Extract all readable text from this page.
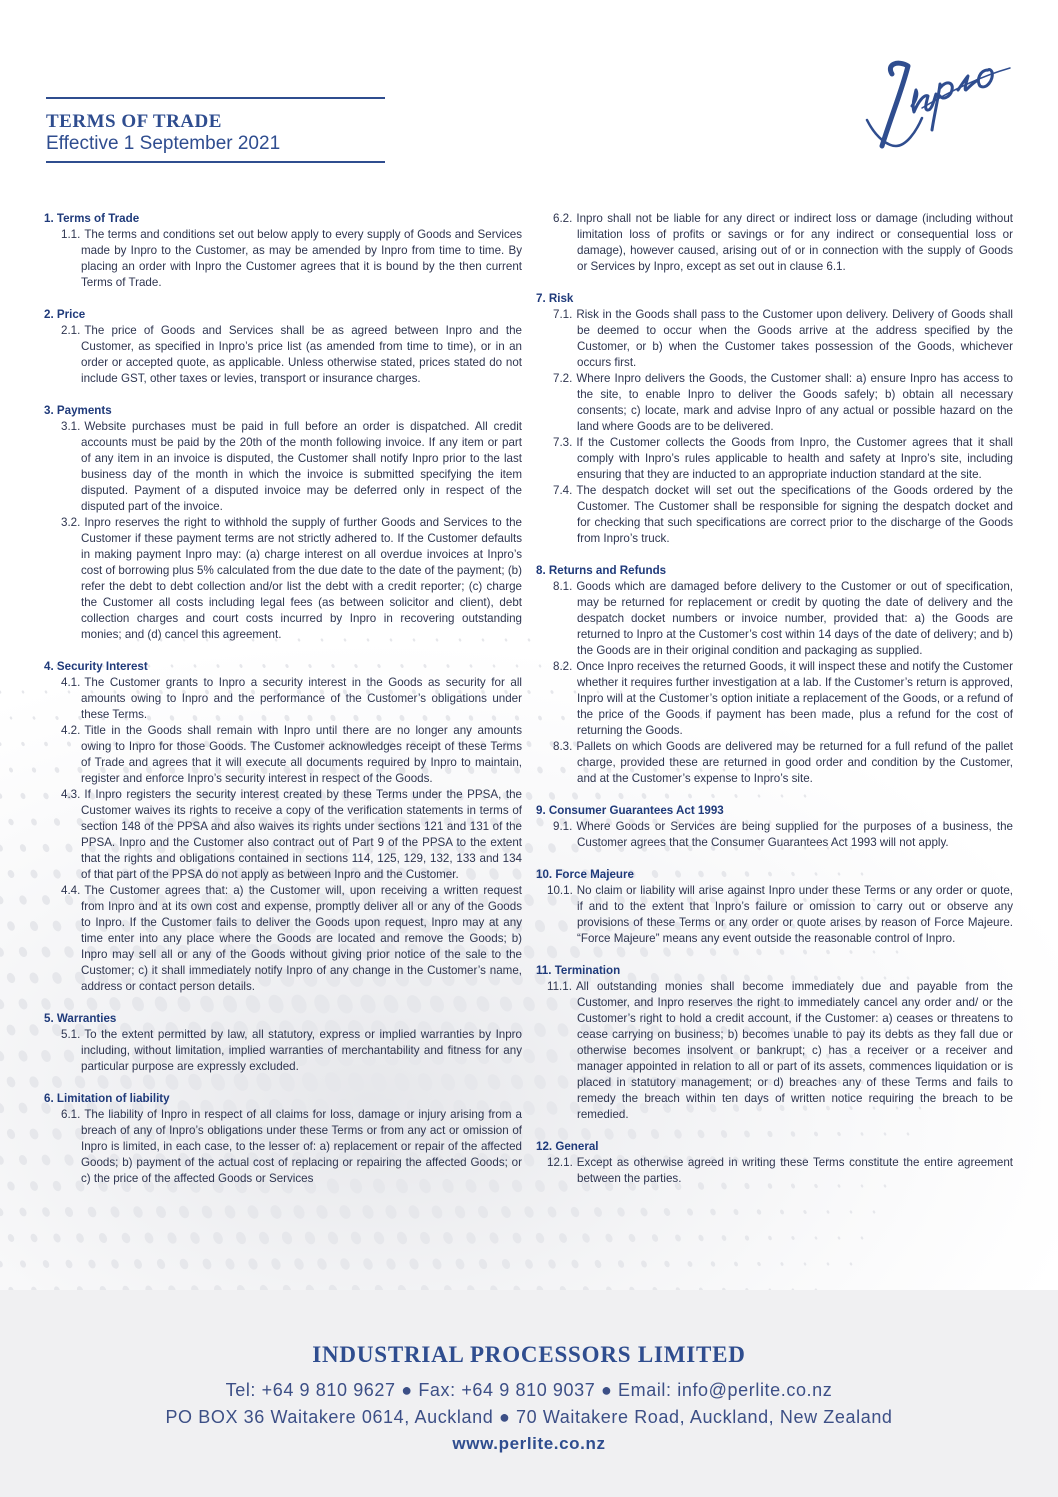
TERMS OF TRADE
Effective 1 September 2021
1. Terms of Trade
1.1. The terms and conditions set out below apply to every supply of Goods and Services made by Inpro to the Customer, as may be amended by Inpro from time to time. By placing an order with Inpro the Customer agrees that it is bound by the then current Terms of Trade.
2. Price
2.1. The price of Goods and Services shall be as agreed between Inpro and the Customer, as specified in Inpro’s price list (as amended from time to time), or in an order or accepted quote, as applicable. Unless otherwise stated, prices stated do not include GST, other taxes or levies, transport or insurance charges.
3. Payments
3.1. Website purchases must be paid in full before an order is dispatched. All credit accounts must be paid by the 20th of the month following invoice. If any item or part of any item in an invoice is disputed, the Customer shall notify Inpro prior to the last business day of the month in which the invoice is submitted specifying the item disputed. Payment of a disputed invoice may be deferred only in respect of the disputed part of the invoice.
3.2. Inpro reserves the right to withhold the supply of further Goods and Services to the Customer if these payment terms are not strictly adhered to. If the Customer defaults in making payment Inpro may: (a) charge interest on all overdue invoices at Inpro’s cost of borrowing plus 5% calculated from the due date to the date of the payment; (b) refer the debt to debt collection and/or list the debt with a credit reporter; (c) charge the Customer all costs including legal fees (as between solicitor and client), debt collection charges and court costs incurred by Inpro in recovering outstanding monies; and (d) cancel this agreement.
4. Security Interest
4.1. The Customer grants to Inpro a security interest in the Goods as security for all amounts owing to Inpro and the performance of the Customer’s obligations under these Terms.
4.2. Title in the Goods shall remain with Inpro until there are no longer any amounts owing to Inpro for those Goods. The Customer acknowledges receipt of these Terms of Trade and agrees that it will execute all documents required by Inpro to maintain, register and enforce Inpro’s security interest in respect of the Goods.
4.3. If Inpro registers the security interest created by these Terms under the PPSA, the Customer waives its rights to receive a copy of the verification statements in terms of section 148 of the PPSA and also waives its rights under sections 121 and 131 of the PPSA. Inpro and the Customer also contract out of Part 9 of the PPSA to the extent that the rights and obligations contained in sections 114, 125, 129, 132, 133 and 134 of that part of the PPSA do not apply as between Inpro and the Customer.
4.4. The Customer agrees that: a) the Customer will, upon receiving a written request from Inpro and at its own cost and expense, promptly deliver all or any of the Goods to Inpro. If the Customer fails to deliver the Goods upon request, Inpro may at any time enter into any place where the Goods are located and remove the Goods; b) Inpro may sell all or any of the Goods without giving prior notice of the sale to the Customer; c) it shall immediately notify Inpro of any change in the Customer’s name, address or contact person details.
5. Warranties
5.1. To the extent permitted by law, all statutory, express or implied warranties by Inpro including, without limitation, implied warranties of merchantability and fitness for any particular purpose are expressly excluded.
6. Limitation of liability
6.1. The liability of Inpro in respect of all claims for loss, damage or injury arising from a breach of any of Inpro’s obligations under these Terms or from any act or omission of Inpro is limited, in each case, to the lesser of: a) replacement or repair of the affected Goods; b) payment of the actual cost of replacing or repairing the affected Goods; or c) the price of the affected Goods or Services
6.2. Inpro shall not be liable for any direct or indirect loss or damage (including without limitation loss of profits or savings or for any indirect or consequential loss or damage), however caused, arising out of or in connection with the supply of Goods or Services by Inpro, except as set out in clause 6.1.
7. Risk
7.1. Risk in the Goods shall pass to the Customer upon delivery. Delivery of Goods shall be deemed to occur when the Goods arrive at the address specified by the Customer, or b) when the Customer takes possession of the Goods, whichever occurs first.
7.2. Where Inpro delivers the Goods, the Customer shall: a) ensure Inpro has access to the site, to enable Inpro to deliver the Goods safely; b) obtain all necessary consents; c) locate, mark and advise Inpro of any actual or possible hazard on the land where Goods are to be delivered.
7.3. If the Customer collects the Goods from Inpro, the Customer agrees that it shall comply with Inpro’s rules applicable to health and safety at Inpro’s site, including ensuring that they are inducted to an appropriate induction standard at the site.
7.4. The despatch docket will set out the specifications of the Goods ordered by the Customer. The Customer shall be responsible for signing the despatch docket and for checking that such specifications are correct prior to the discharge of the Goods from Inpro’s truck.
8. Returns and Refunds
8.1. Goods which are damaged before delivery to the Customer or out of specification, may be returned for replacement or credit by quoting the date of delivery and the despatch docket numbers or invoice number, provided that: a) the Goods are returned to Inpro at the Customer’s cost within 14 days of the date of delivery; and b) the Goods are in their original condition and packaging as supplied.
8.2. Once Inpro receives the returned Goods, it will inspect these and notify the Customer whether it requires further investigation at a lab. If the Customer’s return is approved, Inpro will at the Customer’s option initiate a replacement of the Goods, or a refund of the price of the Goods if payment has been made, plus a refund for the cost of returning the Goods.
8.3. Pallets on which Goods are delivered may be returned for a full refund of the pallet charge, provided these are returned in good order and condition by the Customer, and at the Customer’s expense to Inpro’s site.
9. Consumer Guarantees Act 1993
9.1. Where Goods or Services are being supplied for the purposes of a business, the Customer agrees that the Consumer Guarantees Act 1993 will not apply.
10. Force Majeure
10.1. No claim or liability will arise against Inpro under these Terms or any order or quote, if and to the extent that Inpro’s failure or omission to carry out or observe any provisions of these Terms or any order or quote arises by reason of Force Majeure. “Force Majeure” means any event outside the reasonable control of Inpro.
11. Termination
11.1. All outstanding monies shall become immediately due and payable from the Customer, and Inpro reserves the right to immediately cancel any order and/ or the Customer’s right to hold a credit account, if the Customer: a) ceases or threatens to cease carrying on business; b) becomes unable to pay its debts as they fall due or otherwise becomes insolvent or bankrupt; c) has a receiver or a receiver and manager appointed in relation to all or part of its assets, commences liquidation or is placed in statutory management; or d) breaches any of these Terms and fails to remedy the breach within ten days of written notice requiring the breach to be remedied.
12. General
12.1. Except as otherwise agreed in writing these Terms constitute the entire agreement between the parties.
INDUSTRIAL PROCESSORS LIMITED
Tel: +64 9 810 9627 ● Fax: +64 9 810 9037 ● Email: info@perlite.co.nz
PO BOX 36 Waitakere 0614, Auckland ● 70 Waitakere Road, Auckland, New Zealand
www.perlite.co.nz
